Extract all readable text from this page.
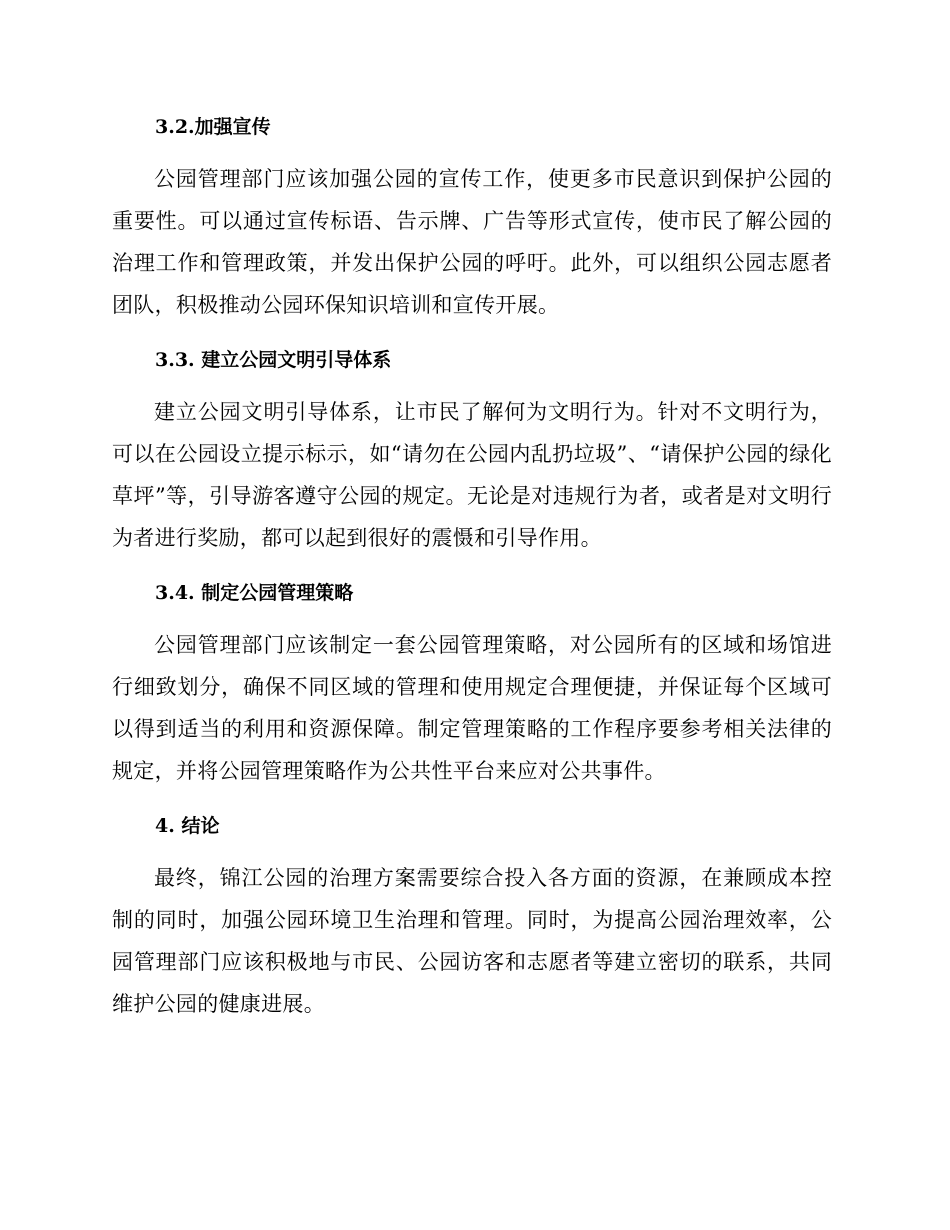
3.2.加强宣传

公园管理部门应该加强公园的宣传工作，使更多市民意识到保护公园的重要性。可以通过宣传标语、告示牌、广告等形式宣传，使市民了解公园的治理工作和管理政策，并发出保护公园的呼吁。此外，可以组织公园志愿者团队，积极推动公园环保知识培训和宣传开展。

3.3. 建立公园文明引导体系

建立公园文明引导体系，让市民了解何为文明行为。针对不文明行为，可以在公园设立提示标示，如“请勿在公园内乱扔垃圾”、“请保护公园的绿化草坪”等，引导游客遵守公园的规定。无论是对违规行为者，或者是对文明行为者进行奖励，都可以起到很好的震慑和引导作用。

3.4. 制定公园管理策略

公园管理部门应该制定一套公园管理策略，对公园所有的区域和场馆进行细致划分，确保不同区域的管理和使用规定合理便捷，并保证每个区域可以得到适当的利用和资源保障。制定管理策略的工作程序要参考相关法律的规定，并将公园管理策略作为公共性平台来应对公共事件。

4. 结论

最终，锦江公园的治理方案需要综合投入各方面的资源，在兼顾成本控制的同时，加强公园环境卫生治理和管理。同时，为提高公园治理效率，公园管理部门应该积极地与市民、公园访客和志愿者等建立密切的联系，共同维护公园的健康进展。
